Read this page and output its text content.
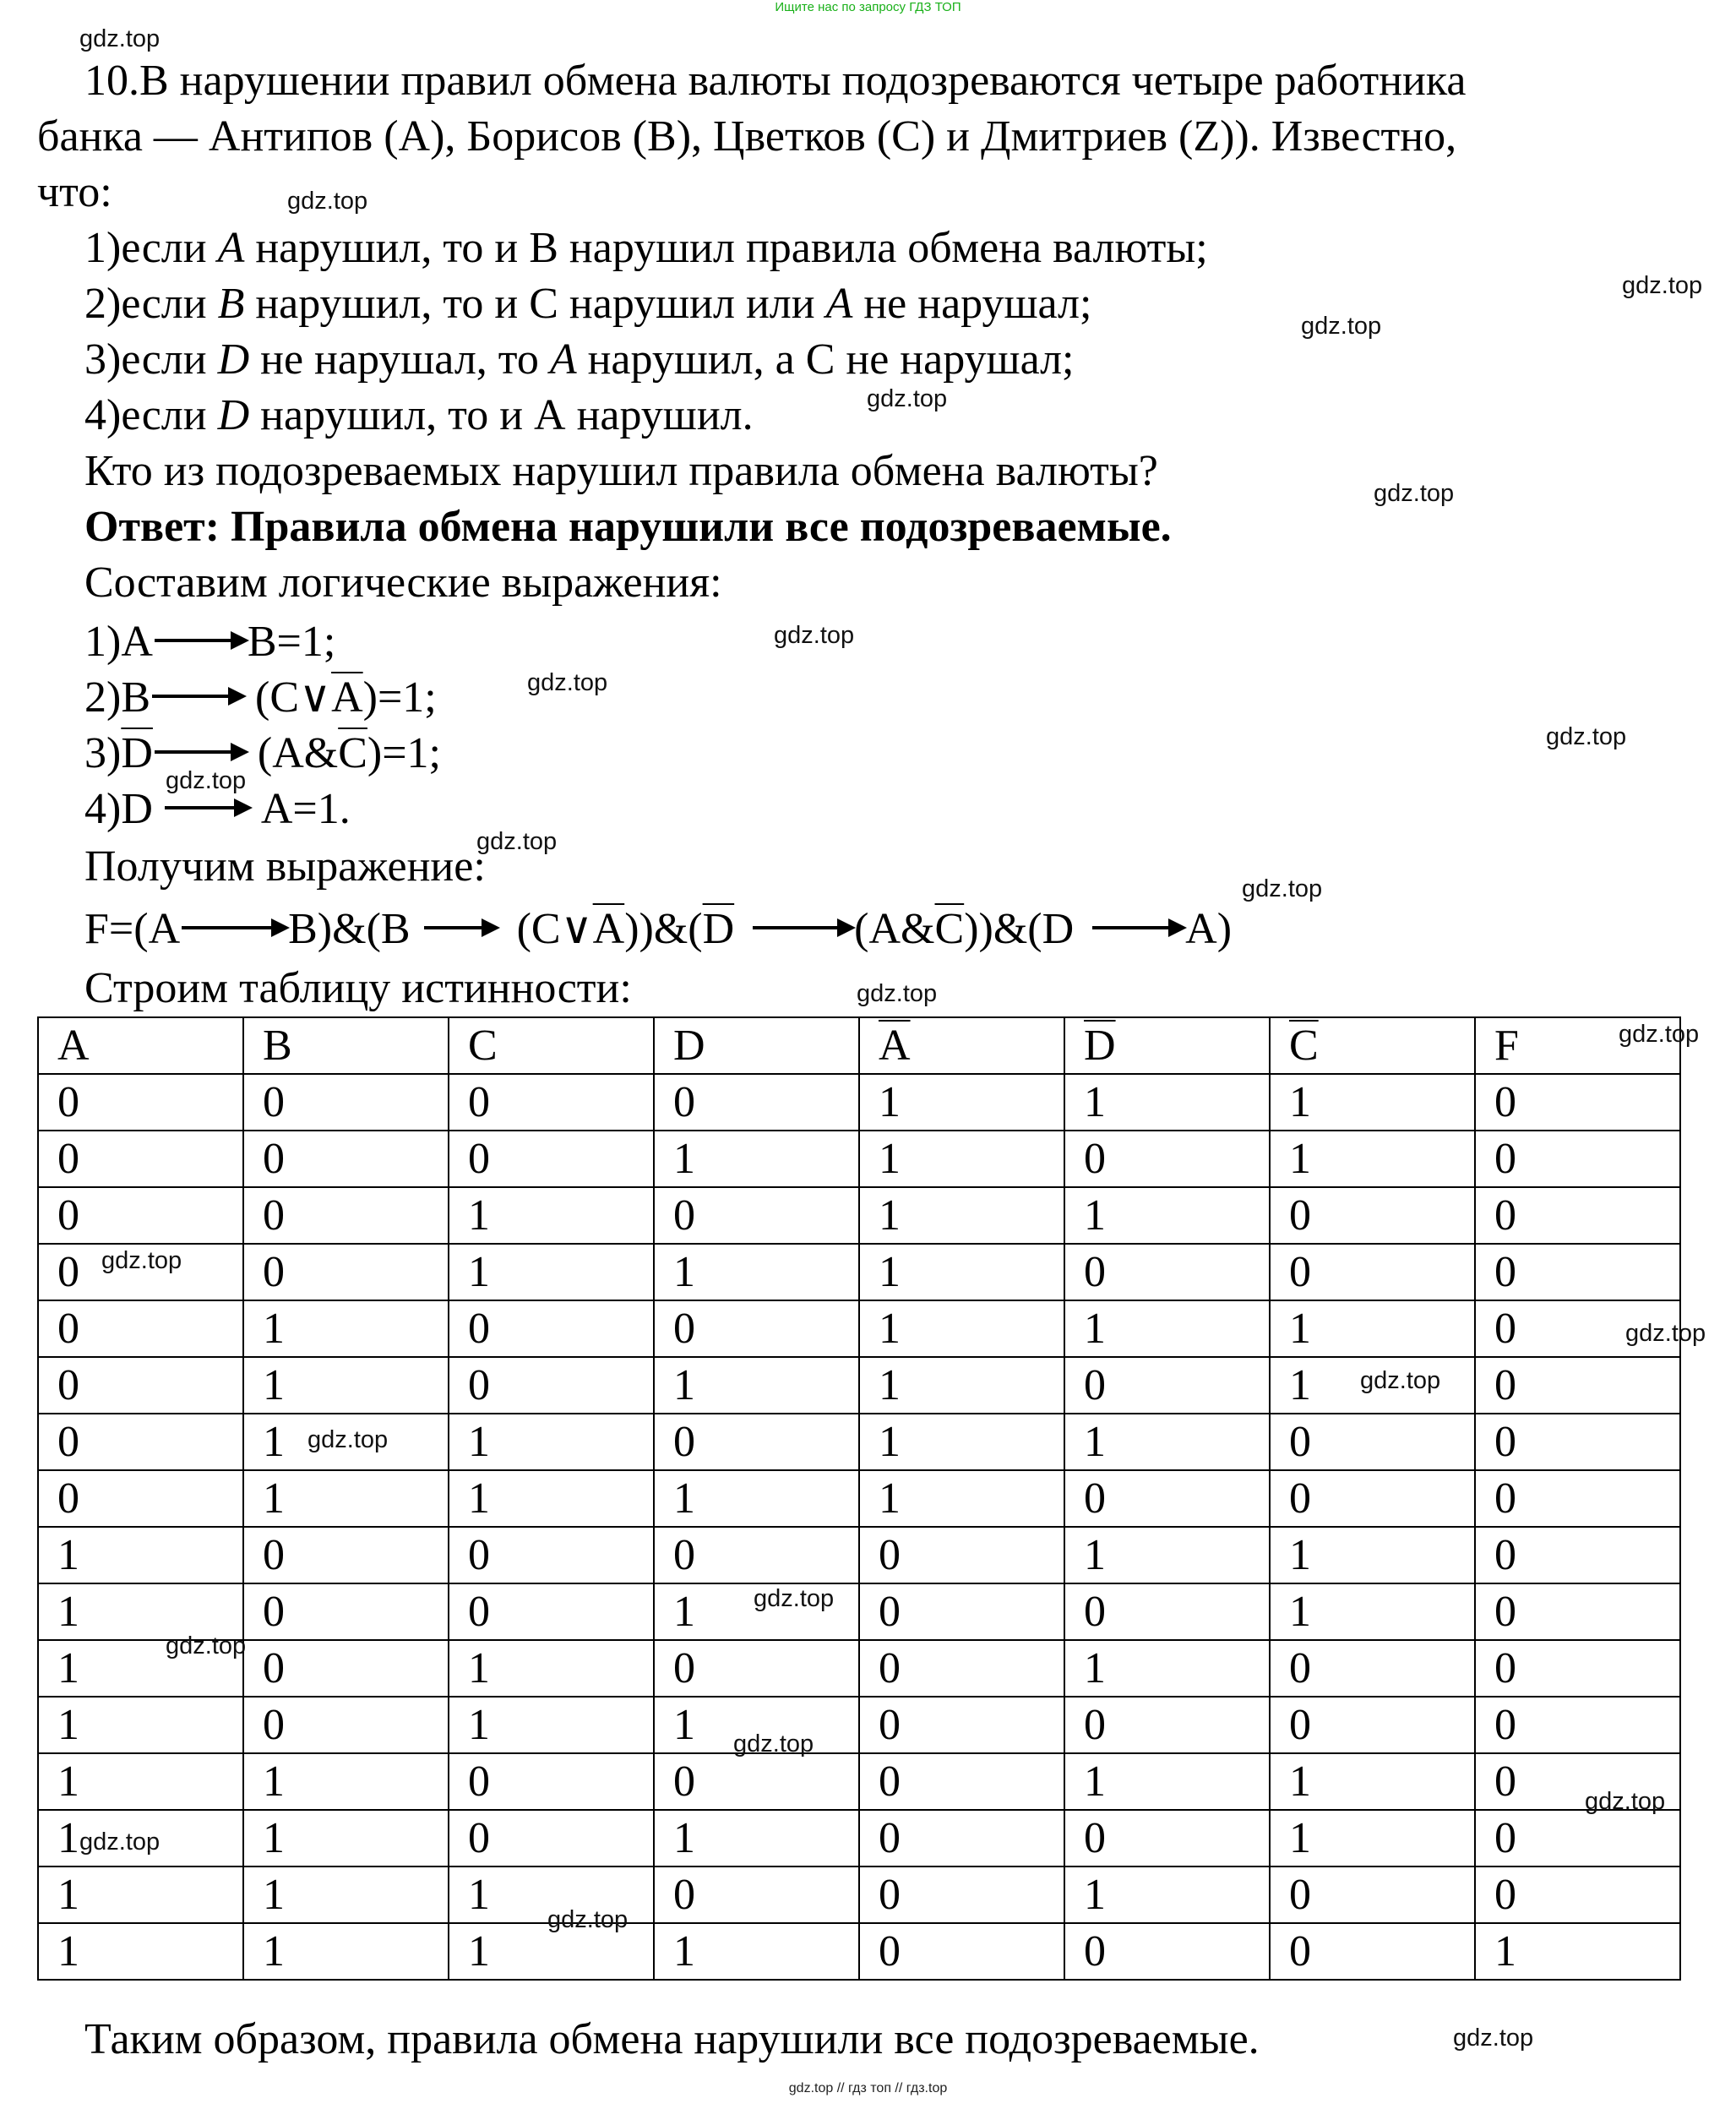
Ищите нас по запросу ГДЗ ТОП
10.В нарушении правил обмена валюты подозреваются четыре работника
банка — Антипов (А), Борисов (В), Цветков (С) и Дмитриев (Z)). Известно,
что:
1)если A нарушил, то и В нарушил правила обмена валюты;
2)если B нарушил, то и С нарушил или A не нарушал;
3)если D не нарушал, то A нарушил, а С не нарушал;
4)если D нарушил, то и А нарушил.
Кто из подозреваемых нарушил правила обмена валюты?
Ответ: Правила обмена нарушили все подозреваемые.
Составим логические выражения:
1)A B=1;
2)B $(C\vee\overline{A})=1$;
$3)\overline{D}$ $(A\&\overline{C})=1$;
4)D A=1.
Получим выражение:
F=(A B)&(B $(C\vee\overline{A}))\&(\overline{D}$	$(A\&\overline{C}))\&(D$	A)
Строим таблицу истинности:
A	B	C	D	$\overline{A}$	$\overline{D}$	$\overline{C}$	F
0	0	0	0	1	1	1	0
0	0	0	1	1	0	1	0
0	0	1	0	1	1	0	0
0	0	1	1	1	0	0	0
0	1	0	0	1	1	1	0
0	1	0	1	1	0	1	0
0	1	1	0	1	1	0	0
0	1	1	1	1	0	0	0
1	0	0	0	0	1	1	0
1	0	0	1	0	0	1	0
1	0	1	0	0	1	0	0
1	0	1	1	0	0	0	0
1	1	0	0	0	1	1	0
1	1	0	1	0	0	1	0
1	1	1	0	0	1	0	0
1	1	1	1	0	0	0	1
Таким образом, правила обмена нарушили все подозреваемые.
gdz.top // гдз топ // гдз.top
gdz.top
gdz.top
gdz.top
gdz.top
gdz.top
gdz.top
gdz.top
gdz.top
gdz.top
gdz.top
gdz.top
gdz.top
gdz.top
gdz.top
gdz.top
gdz.top
gdz.top
gdz.top
gdz.top
gdz.top
gdz.top
gdz.top
gdz.top
gdz.top
gdz.top
